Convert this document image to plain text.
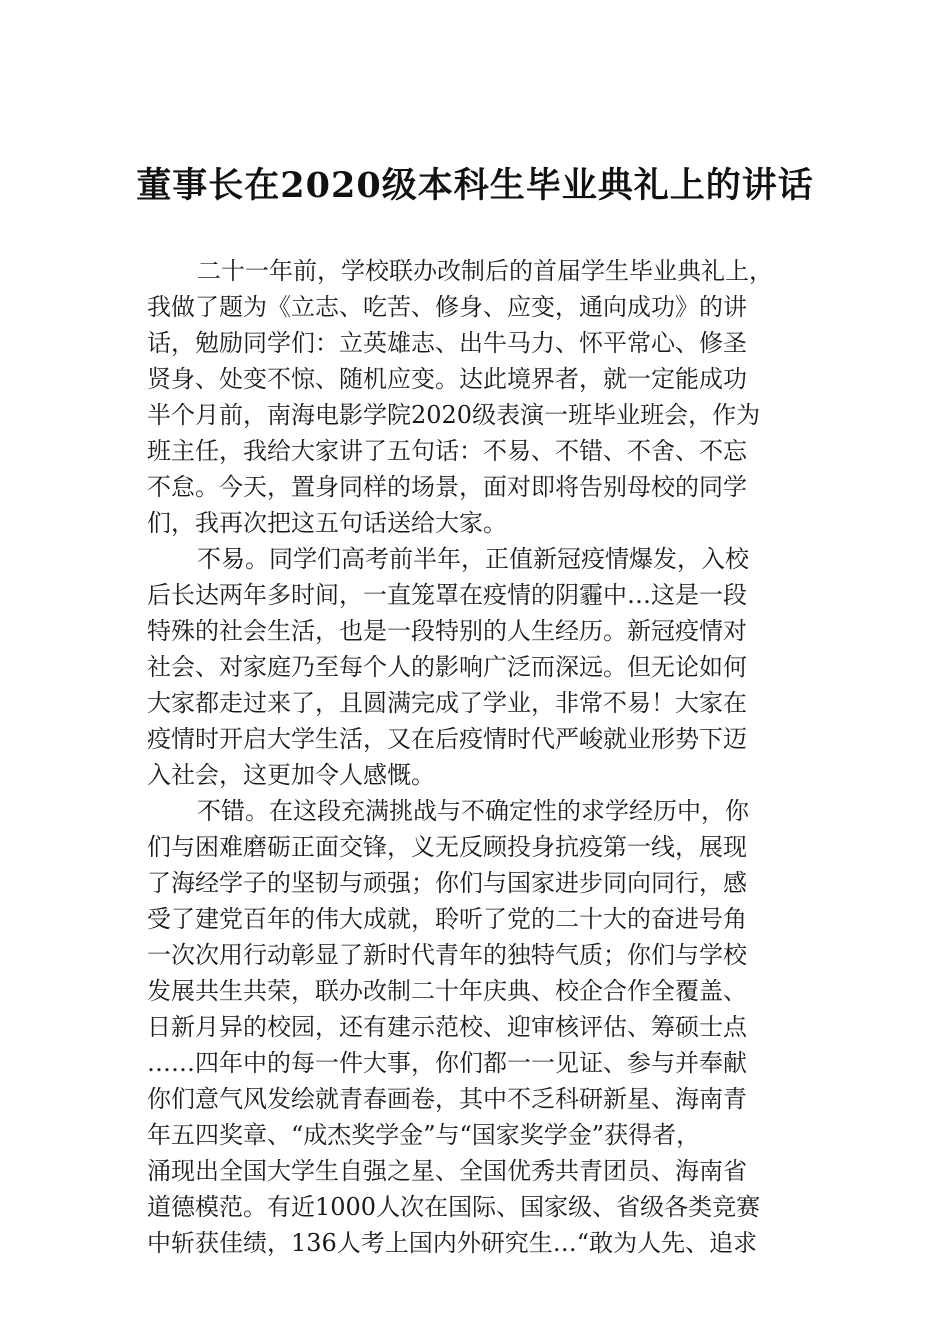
董事长在2020级本科生毕业典礼上的讲话
二十一年前，学校联办改制后的首届学生毕业典礼上，
我做了题为《立志、吃苦、修身、应变，通向成功》的讲
话，勉励同学们：立英雄志、出牛马力、怀平常心、修圣
贤身、处变不惊、随机应变。达此境界者，就一定能成功
半个月前，南海电影学院2020级表演一班毕业班会，作为
班主任，我给大家讲了五句话：不易、不错、不舍、不忘
不怠。今天，置身同样的场景，面对即将告别母校的同学
们，我再次把这五句话送给大家。
不易。同学们高考前半年，正值新冠疫情爆发，入校
后长达两年多时间，一直笼罩在疫情的阴霾中…这是一段
特殊的社会生活，也是一段特别的人生经历。新冠疫情对
社会、对家庭乃至每个人的影响广泛而深远。但无论如何
大家都走过来了，且圆满完成了学业，非常不易！大家在
疫情时开启大学生活，又在后疫情时代严峻就业形势下迈
入社会，这更加令人感慨。
不错。在这段充满挑战与不确定性的求学经历中，你
们与困难磨砺正面交锋，义无反顾投身抗疫第一线，展现
了海经学子的坚韧与顽强；你们与国家进步同向同行，感
受了建党百年的伟大成就，聆听了党的二十大的奋进号角
一次次用行动彰显了新时代青年的独特气质；你们与学校
发展共生共荣，联办改制二十年庆典、校企合作全覆盖、
日新月异的校园，还有建示范校、迎审核评估、筹硕士点
……四年中的每一件大事，你们都一一见证、参与并奉献
你们意气风发绘就青春画卷，其中不乏科研新星、海南青
年五四奖章、“成杰奖学金”与“国家奖学金”获得者，
涌现出全国大学生自强之星、全国优秀共青团员、海南省
道德模范。有近1000人次在国际、国家级、省级各类竞赛
中斩获佳绩，136人考上国内外研究生…“敢为人先、追求
